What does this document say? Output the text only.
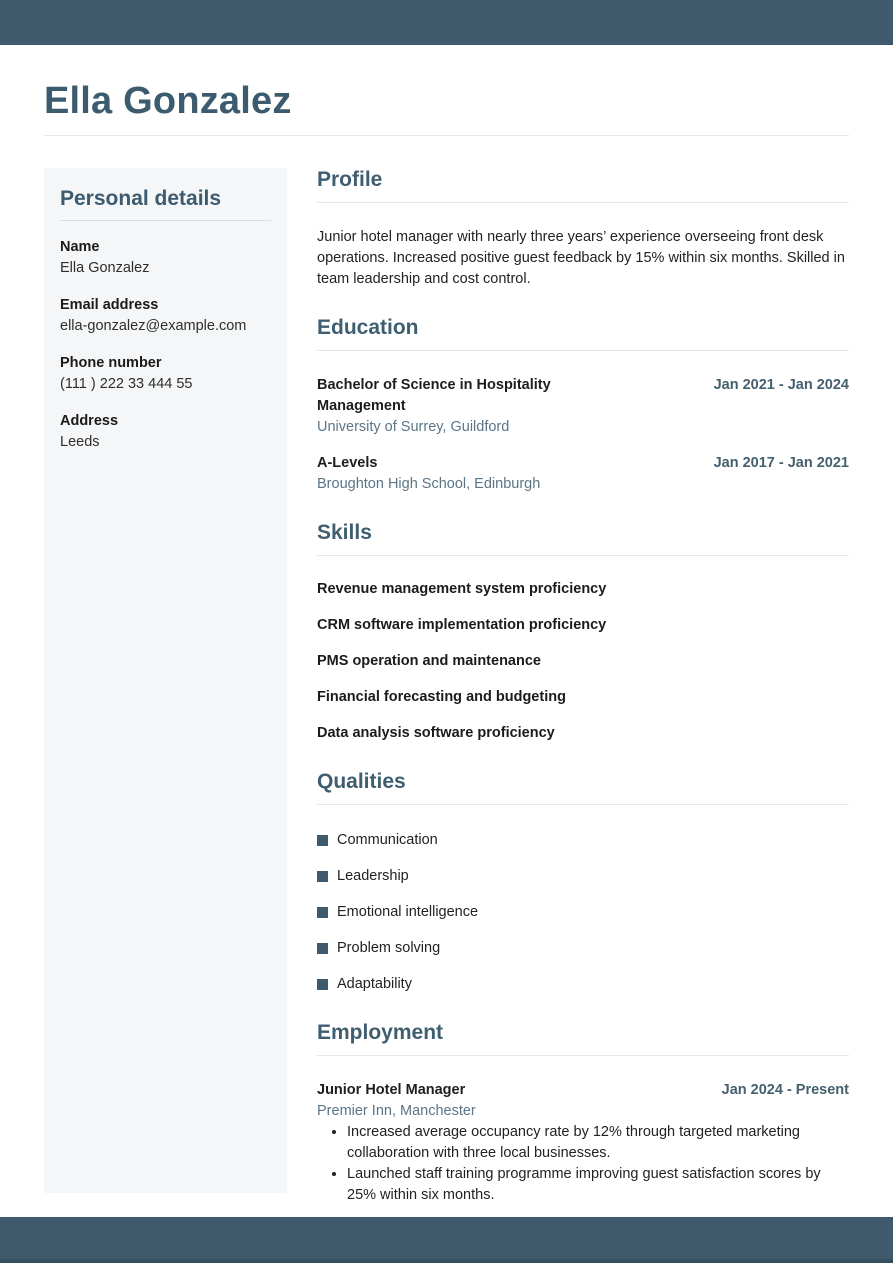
Ella Gonzalez
Personal details
Name
Ella Gonzalez
Email address
ella-gonzalez@example.com
Phone number
(111 ) 222 33 444 55
Address
Leeds
Profile

Junior hotel manager with nearly three years’ experience overseeing front desk operations. Increased positive guest feedback by 15% within six months. Skilled in team leadership and cost control.

Education
Bachelor of Science in Hospitality Management
Jan 2021 - Jan 2024
University of Surrey, Guildford
A-Levels	Jan 2017 - Jan 2021
Broughton High School, Edinburgh
Skills
Revenue management system proficiency
CRM software implementation proficiency
PMS operation and maintenance
Financial forecasting and budgeting
Data analysis software proficiency
Qualities
Communication
Leadership
Emotional intelligence
Problem solving
Adaptability
Employment
Junior Hotel Manager	Jan 2024 - Present
Premier Inn, Manchester
• Increased average occupancy rate by 12% through targeted marketing collaboration with three local businesses.
• Launched staff training programme improving guest satisfaction scores by 25% within six months.
